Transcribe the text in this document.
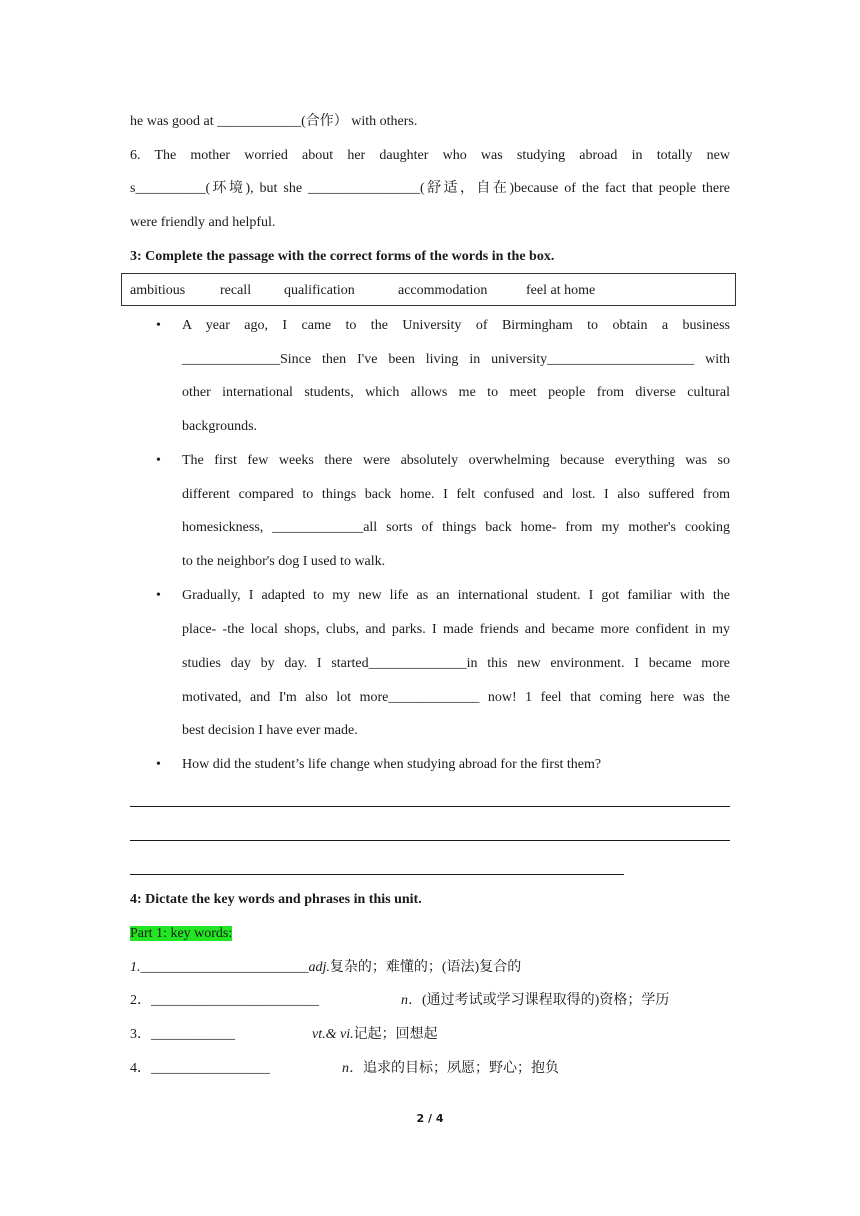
he was good at ____________(合作） with others.
6. The mother worried about her daughter who was studying abroad in totally new
s__________(环境), but she ________________(舒适，自在)because of the fact that people there
were friendly and helpful.
3: Complete the passage with the correct forms of the words in the box.
ambitious recall qualification	accommodation	feel at home
•	A year ago, I came to the University of Birmingham to obtain a business
______________Since then I've been living in university_____________________ with
other international students, which allows me to meet people from diverse cultural
backgrounds.
•	The first few weeks there were absolutely overwhelming because everything was so
different compared to things back home. I felt confused and lost. I also suffered from
homesickness, _____________all sorts of things back home- from my mother's cooking
to the neighbor's dog I used to walk.
•	Gradually, I adapted to my new life as an international student. I got familiar with the
place- -the local shops, clubs, and parks. I made friends and became more confident in my
studies day by day. I started______________in this new environment. I became more
motivated, and I'm also lot more_____________ now! 1 feel that coming here was the
best decision I have ever made.
•	How did the student’s life change when studying abroad for the first them?
4: Dictate the key words and phrases in this unit.
Part 1: key words:
1.________________________adj.复杂的；难懂的；(语法)复合的
2．________________________	n．(通过考试或学习课程取得的)资格；学历
3．____________	vt.& vi.记起；回想起
4．_________________	n．追求的目标；夙愿；野心；抱负
2 / 4
